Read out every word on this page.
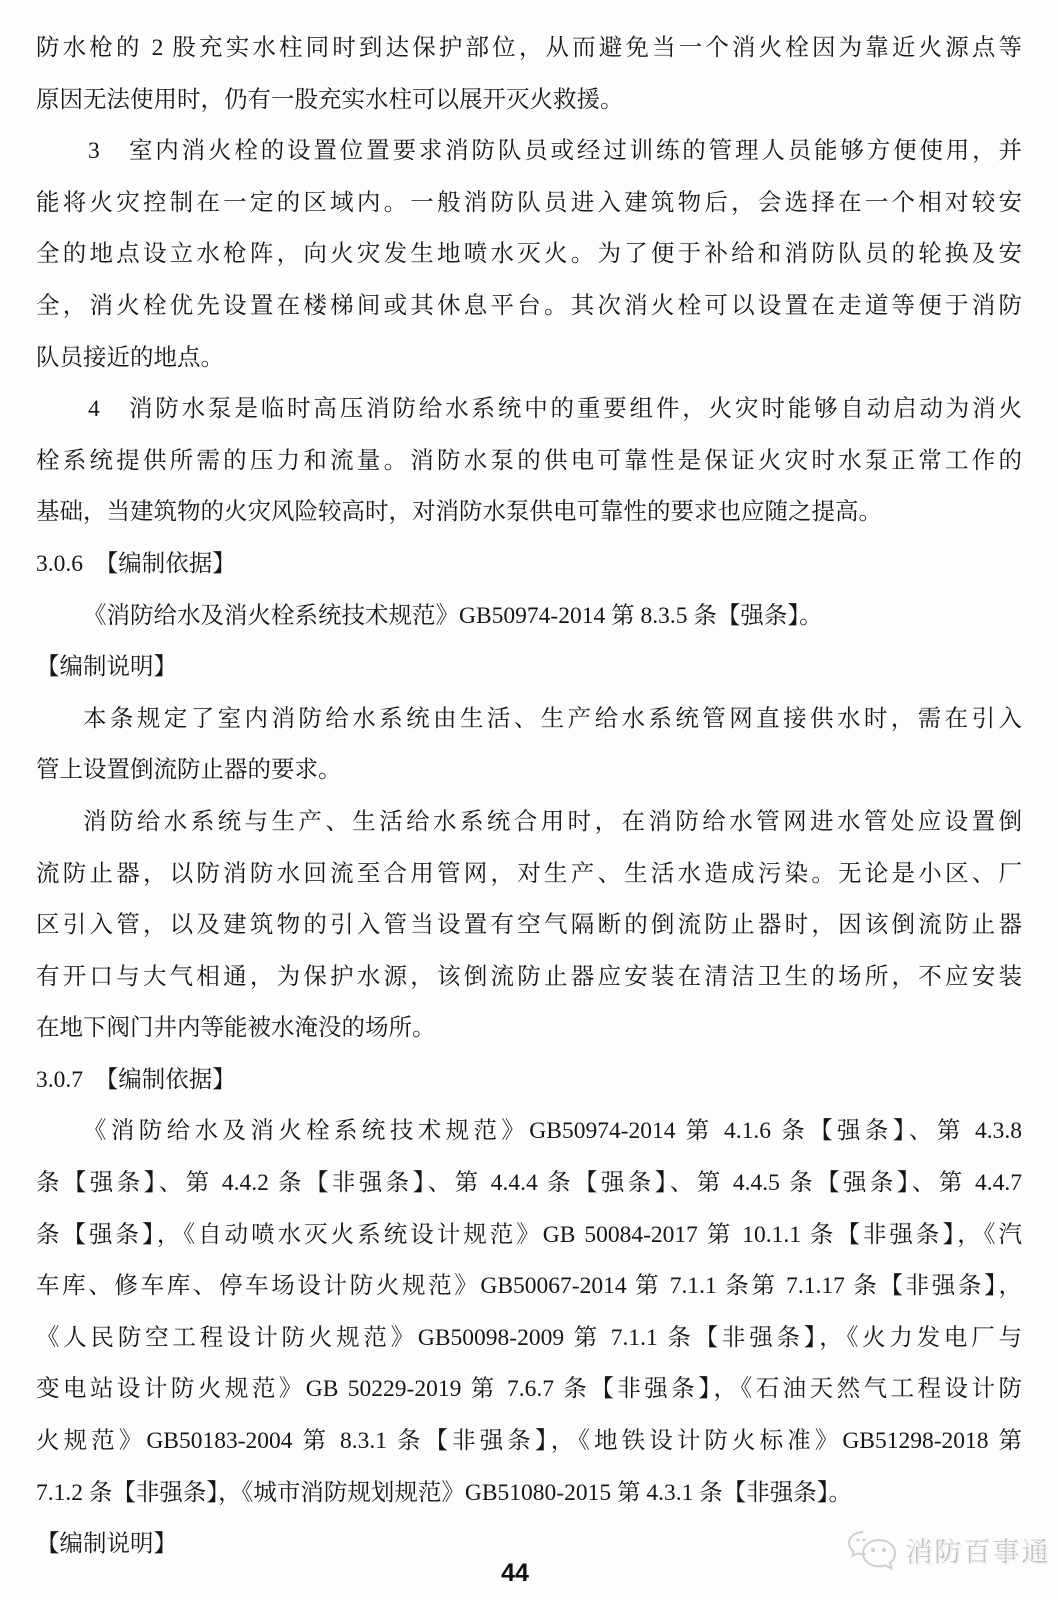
防水枪的 2 股充实水柱同时到达保护部位，从而避免当一个消火栓因为靠近火源点等
原因无法使用时，仍有一股充实水柱可以展开灭火救援。
3　室内消火栓的设置位置要求消防队员或经过训练的管理人员能够方便使用，并
能将火灾控制在一定的区域内。一般消防队员进入建筑物后，会选择在一个相对较安
全的地点设立水枪阵，向火灾发生地喷水灭火。为了便于补给和消防队员的轮换及安
全，消火栓优先设置在楼梯间或其休息平台。其次消火栓可以设置在走道等便于消防
队员接近的地点。
4　消防水泵是临时高压消防给水系统中的重要组件，火灾时能够自动启动为消火
栓系统提供所需的压力和流量。消防水泵的供电可靠性是保证火灾时水泵正常工作的
基础，当建筑物的火灾风险较高时，对消防水泵供电可靠性的要求也应随之提高。
3.0.6　【编制依据】
《消防给水及消火栓系统技术规范》GB50974-2014 第 8.3.5 条【强条】。
【编制说明】
本条规定了室内消防给水系统由生活、生产给水系统管网直接供水时，需在引入
管上设置倒流防止器的要求。
消防给水系统与生产、生活给水系统合用时，在消防给水管网进水管处应设置倒
流防止器，以防消防水回流至合用管网，对生产、生活水造成污染。无论是小区、厂
区引入管，以及建筑物的引入管当设置有空气隔断的倒流防止器时，因该倒流防止器
有开口与大气相通，为保护水源，该倒流防止器应安装在清洁卫生的场所，不应安装
在地下阀门井内等能被水淹没的场所。
3.0.7　【编制依据】
《消防给水及消火栓系统技术规范》GB50974-2014 第 4.1.6 条【强条】、第 4.3.8
条【强条】、第 4.4.2 条【非强条】、第 4.4.4 条【强条】、第 4.4.5 条【强条】、第 4.4.7
条【强条】，《自动喷水灭火系统设计规范》GB 50084-2017 第 10.1.1 条【非强条】，《汽
车库、修车库、停车场设计防火规范》GB50067-2014 第 7.1.1 条第 7.1.17 条【非强条】，
《人民防空工程设计防火规范》GB50098-2009 第 7.1.1 条【非强条】，《火力发电厂与
变电站设计防火规范》GB 50229-2019 第 7.6.7 条【非强条】，《石油天然气工程设计防
火规范》GB50183-2004 第 8.3.1 条【非强条】，《地铁设计防火标准》GB51298-2018 第
7.1.2 条【非强条】，《城市消防规划规范》GB51080-2015 第 4.3.1 条【非强条】。
【编制说明】	消防百事通
44
